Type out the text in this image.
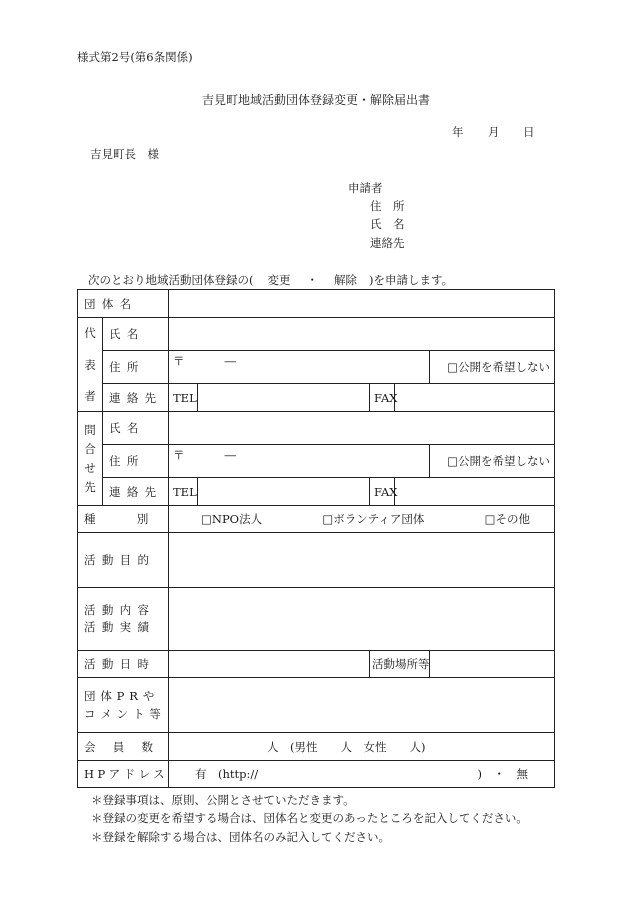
様式第2号(第6条関係)
吉見町地域活動団体登録変更・解除届出書
年 月 日
吉見町長　様
申請者
住　所
氏　名
連絡先
次のとおり地域活動団体登録の( 変更 ・ 解除 )を申請します。
団体名						

代
表
者	氏名					
	住所	〒 ―				□公開を希望しない
	連絡先	TEL		FAX		

問
合
せ
先	氏名					
	住所	〒 ―				□公開を希望しない
	連絡先	TEL		FAX		

種別		□NPO法人 □ボランティア団体 □その他				

活動目的						

活動内容
活動実績						

活動日時				活動場所等		

団体PRや
コメント等						

会員数		人　(男性　　人　女性　　人)				
HPアドレス		有　(http:// )　・　無				
＊登録事項は、原則、公開とさせていただきます。
＊登録の変更を希望する場合は、団体名と変更のあったところを記入してください。
＊登録を解除する場合は、団体名のみ記入してください。
